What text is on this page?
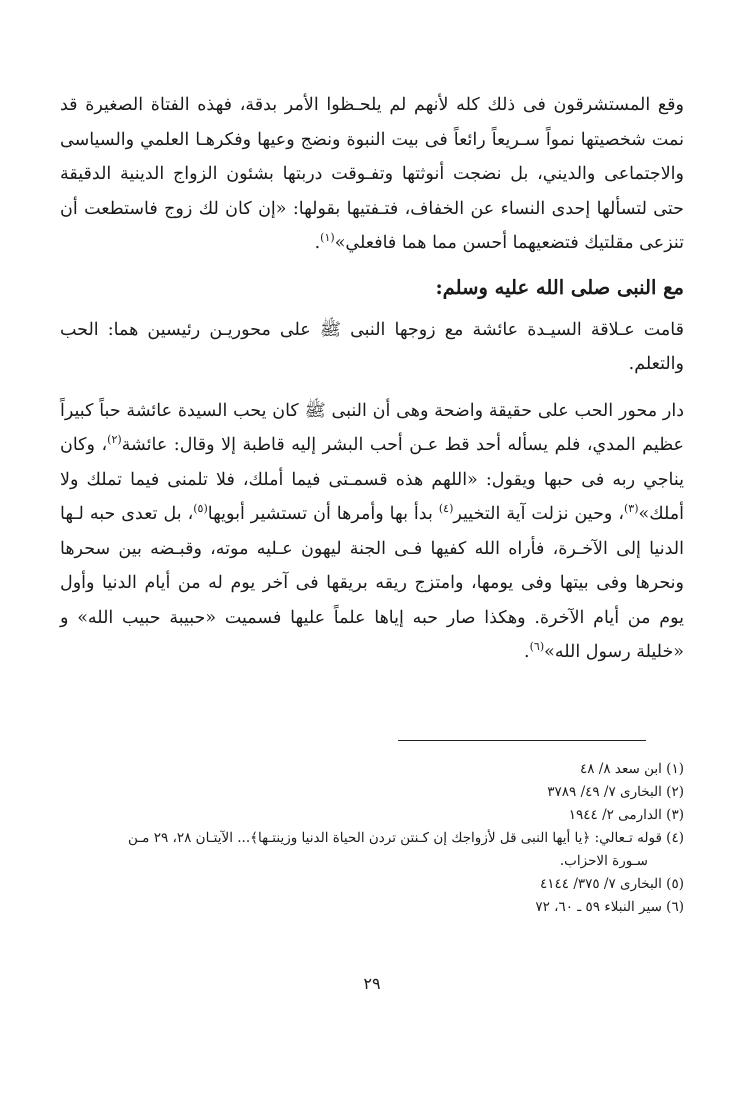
وقع المستشرقون فى ذلك كله لأنهم لم يلحـظوا الأمر بدقة، فهذه الفتاة الصغيرة قد نمت شخصيتها نمواً سـريعاً رائعاً فى بيت النبوة ونضج وعيها وفكرهـا العلمي والسياسى والاجتماعى والديني، بل نضجت أنوثتها وتفـوقت دربتها بشئون الزواج الدينية الدقيقة حتى لتسألها إحدى النساء عن الخفاف، فتـفتيها بقولها: «إن كان لك زوج فاستطعت أن تنزعى مقلتيك فتضعيهما أحسن مما هما فافعلي»$^{(١)}$.

مع النبى صلى الله عليه وسلم:

قامت عـلاقة السيـدة عائشة مع زوجها النبى ﷺ على محوريـن رئيسين هما: الحب والتعلم.

دار محور الحب على حقيقة واضحة وهى أن النبى ﷺ كان يحب السيدة عائشة حباً كبيراً عظيم المدي، فلم يسأله أحد قط عـن أحب البشر إليه قاطبة إلا وقال: عائشة$^{(٢)}$، وكان يناجي ربه فى حبها ويقول: «اللهم هذه قسمـتى فيما أملك، فلا تلمنى فيما تملك ولا أملك»$^{(٣)}$، وحين نزلت آية التخيير$^{(٤)}$ بدأ بها وأمرها أن تستشير أبويها$^{(٥)}$، بل تعدى حبه لـها الدنيا إلى الآخـرة، فأراه الله كفيها فـى الجنة ليهون عـليه موته، وقبـضه بين سحرها ونحرها وفى بيتها وفى يومها، وامتزج ريقه بريقها فى آخر يوم له من أيام الدنيا وأول يوم من أيام الآخرة. وهكذا صار حبه إياها علماً عليها فسميت «حبيبة حبيب الله» و «خليلة رسول الله»$^{(٦)}$.

(١) ابن سعد ٨/ ٤٨

(٢) البخارى ٧/ ٤٩/ ٣٧٨٩

(٣) الدارمى ٢/ ١٩٤٤

(٤) قوله تـعالي: ﴿يا أيها النبى قل لأزواجك إن كـنتن تردن الحياة الدنيا وزينتـها﴾... الآيتـان ٢٨، ٢٩ مـن

سـورة الاحزاب.

(٥) البخارى ٧/ ٣٧٥/ ٤١٤٤

(٦) سير النبلاء ٥٩ ـ ٦٠، ٧٢

٢٩
